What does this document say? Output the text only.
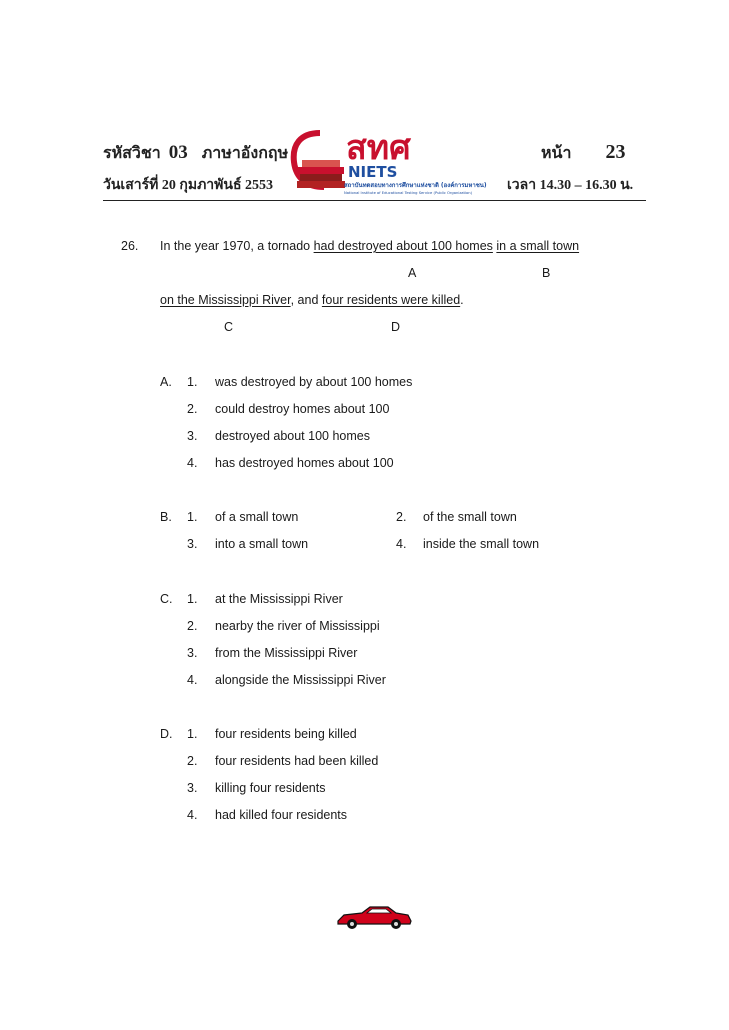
รหัสวิชา 03 ภาษาอังกฤษ	หน้า 23
วันเสาร์ที่ 20 กุมภาพันธ์ 2553	เวลา 14.30 – 16.30 น.
สทศ
NIETS
สถาบันทดสอบทางการศึกษาแห่งชาติ (องค์การมหาชน)
National Institute of Educational Testing Service (Public Organization)
26. In the year 1970, a tornado had destroyed about 100 homes in a small town
A	B
on the Mississippi River, and four residents were killed.
C	D
A. 1. was destroyed by about 100 homes
2. could destroy homes about 100
3. destroyed about 100 homes
4. has destroyed homes about 100
B. 1. of a small town	2. of the small town
3. into a small town	4. inside the small town
C. 1. at the Mississippi River
2. nearby the river of Mississippi
3. from the Mississippi River
4. alongside the Mississippi River
D. 1. four residents being killed
2. four residents had been killed
3. killing four residents
4. had killed four residents
